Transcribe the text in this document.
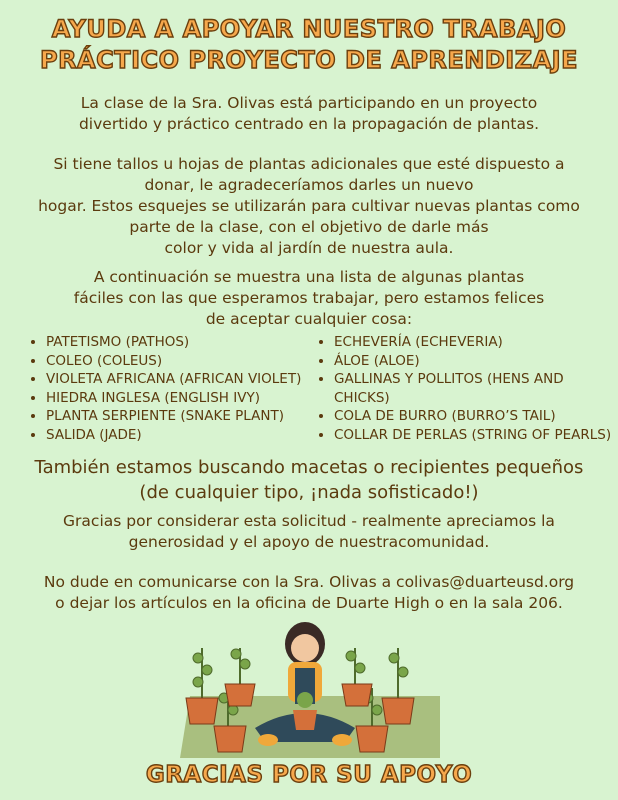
AYUDA A APOYAR NUESTRO TRABAJO
PRÁCTICO PROYECTO DE APRENDIZAJE
La clase de la Sra. Olivas está participando en un proyecto
divertido y práctico centrado en la propagación de plantas.
Si tiene tallos u hojas de plantas adicionales que esté dispuesto a
donar, le agradeceríamos darles un nuevo
hogar. Estos esquejes se utilizarán para cultivar nuevas plantas como
parte de la clase, con el objetivo de darle más
color y vida al jardín de nuestra aula.
A continuación se muestra una lista de algunas plantas
fáciles con las que esperamos trabajar, pero estamos felices
de aceptar cualquier cosa:
• PATETISMO (PATHOS)
• COLEO (COLEUS)
• VIOLETA AFRICANA (AFRICAN VIOLET)
• HIEDRA INGLESA (ENGLISH IVY)
• PLANTA SERPIENTE (SNAKE PLANT)
• SALIDA (JADE)
• ECHEVERÍA (ECHEVERIA)
• ÁLOE (ALOE)
• GALLINAS Y POLLITOS (HENS AND CHICKS)
• COLA DE BURRO (BURRO’S TAIL)
• COLLAR DE PERLAS (STRING OF PEARLS)
También estamos buscando macetas o recipientes pequeños
(de cualquier tipo, ¡nada sofisticado!)
Gracias por considerar esta solicitud - realmente apreciamos la
generosidad y el apoyo de nuestracomunidad.
No dude en comunicarse con la Sra. Olivas a colivas@duarteusd.org
o dejar los artículos en la oficina de Duarte High o en la sala 206.
GRACIAS POR SU APOYO
